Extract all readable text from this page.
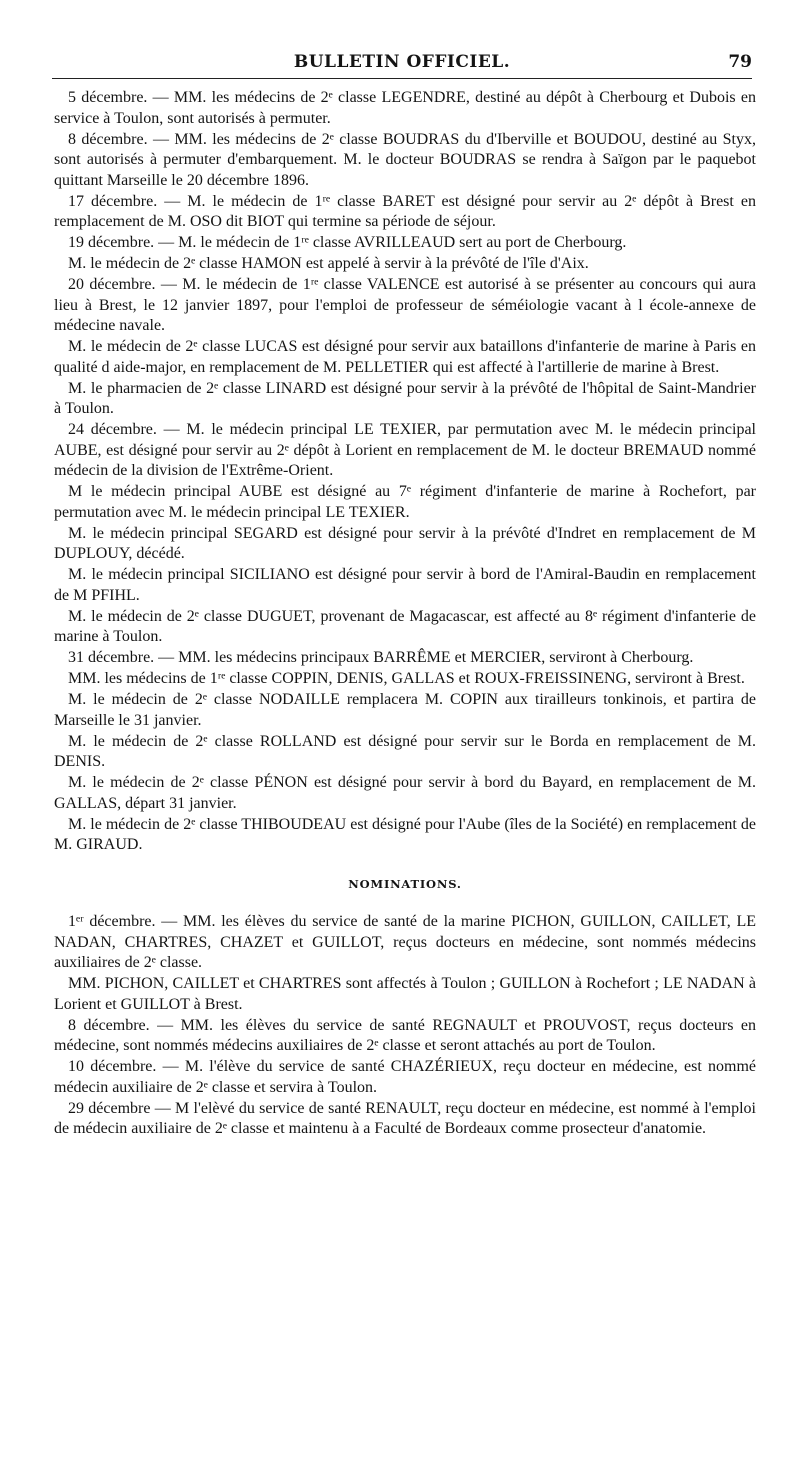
BULLETIN OFFICIEL.	79

5 décembre. — MM. les médecins de 2ᵉ classe LEGENDRE, destiné au dépôt à Cherbourg et Dubois en service à Toulon, sont autorisés à permuter.

8 décembre. — MM. les médecins de 2ᵉ classe BOUDRAS du d'Iberville et BOUDOU, destiné au Styx, sont autorisés à permuter d'embarquement. M. le docteur BOUDRAS se rendra à Saïgon par le paquebot quittant Marseille le 20 décembre 1896.

17 décembre. — M. le médecin de 1ʳᵉ classe BARET est désigné pour servir au 2ᵉ dépôt à Brest en remplacement de M. OSO dit BIOT qui termine sa période de séjour.

19 décembre. — M. le médecin de 1ʳᵉ classe AVRILLEAUD sert au port de Cherbourg.

M. le médecin de 2ᵉ classe HAMON est appelé à servir à la prévôté de l'île d'Aix.

20 décembre. — M. le médecin de 1ʳᵉ classe VALENCE est autorisé à se présenter au concours qui aura lieu à Brest, le 12 janvier 1897, pour l'emploi de professeur de séméiologie vacant à l école-annexe de médecine navale.

M. le médecin de 2ᵉ classe LUCAS est désigné pour servir aux bataillons d'infanterie de marine à Paris en qualité d aide-major, en remplacement de M. PELLETIER qui est affecté à l'artillerie de marine à Brest.

M. le pharmacien de 2ᵉ classe LINARD est désigné pour servir à la prévôté de l'hôpital de Saint-Mandrier à Toulon.

24 décembre. — M. le médecin principal LE TEXIER, par permutation avec M. le médecin principal AUBE, est désigné pour servir au 2ᵉ dépôt à Lorient en remplacement de M. le docteur BREMAUD nommé médecin de la division de l'Extrême-Orient.

M le médecin principal AUBE est désigné au 7ᵉ régiment d'infanterie de marine à Rochefort, par permutation avec M. le médecin principal LE TEXIER.

M. le médecin principal SEGARD est désigné pour servir à la prévôté d'Indret en remplacement de M DUPLOUY, décédé.

M. le médecin principal SICILIANO est désigné pour servir à bord de l'Amiral-Baudin en remplacement de M PFIHL.

M. le médecin de 2ᵉ classe DUGUET, provenant de Magacascar, est affecté au 8ᵉ régiment d'infanterie de marine à Toulon.

31 décembre. — MM. les médecins principaux BARRÊME et MERCIER, serviront à Cherbourg.

MM. les médecins de 1ʳᵉ classe COPPIN, DENIS, GALLAS et ROUX-FREISSINENG, serviront à Brest.

M. le médecin de 2ᵉ classe NODAILLE remplacera M. COPIN aux tirailleurs tonkinois, et partira de Marseille le 31 janvier.

M. le médecin de 2ᵉ classe ROLLAND est désigné pour servir sur le Borda en remplacement de M. DENIS.

M. le médecin de 2ᵉ classe PÉNON est désigné pour servir à bord du Bayard, en remplacement de M. GALLAS, départ 31 janvier.

M. le médecin de 2ᵉ classe THIBOUDEAU est désigné pour l'Aube (îles de la Société) en remplacement de M. GIRAUD.

NOMINATIONS.

1ᵉʳ décembre. — MM. les élèves du service de santé de la marine PICHON, GUILLON, CAILLET, LE NADAN, CHARTRES, CHAZET et GUILLOT, reçus docteurs en médecine, sont nommés médecins auxiliaires de 2ᵉ classe.

MM. PICHON, CAILLET et CHARTRES sont affectés à Toulon ; GUILLON à Rochefort ; LE NADAN à Lorient et GUILLOT à Brest.

8 décembre. — MM. les élèves du service de santé REGNAULT et PROUVOST, reçus docteurs en médecine, sont nommés médecins auxiliaires de 2ᵉ classe et seront attachés au port de Toulon.

10 décembre. — M. l'élève du service de santé CHAZÉRIEUX, reçu docteur en médecine, est nommé médecin auxiliaire de 2ᵉ classe et servira à Toulon.

29 décembre — M l'elèvé du service de santé RENAULT, reçu docteur en médecine, est nommé à l'emploi de médecin auxiliaire de 2ᵉ classe et maintenu à a Faculté de Bordeaux comme prosecteur d'anatomie.
